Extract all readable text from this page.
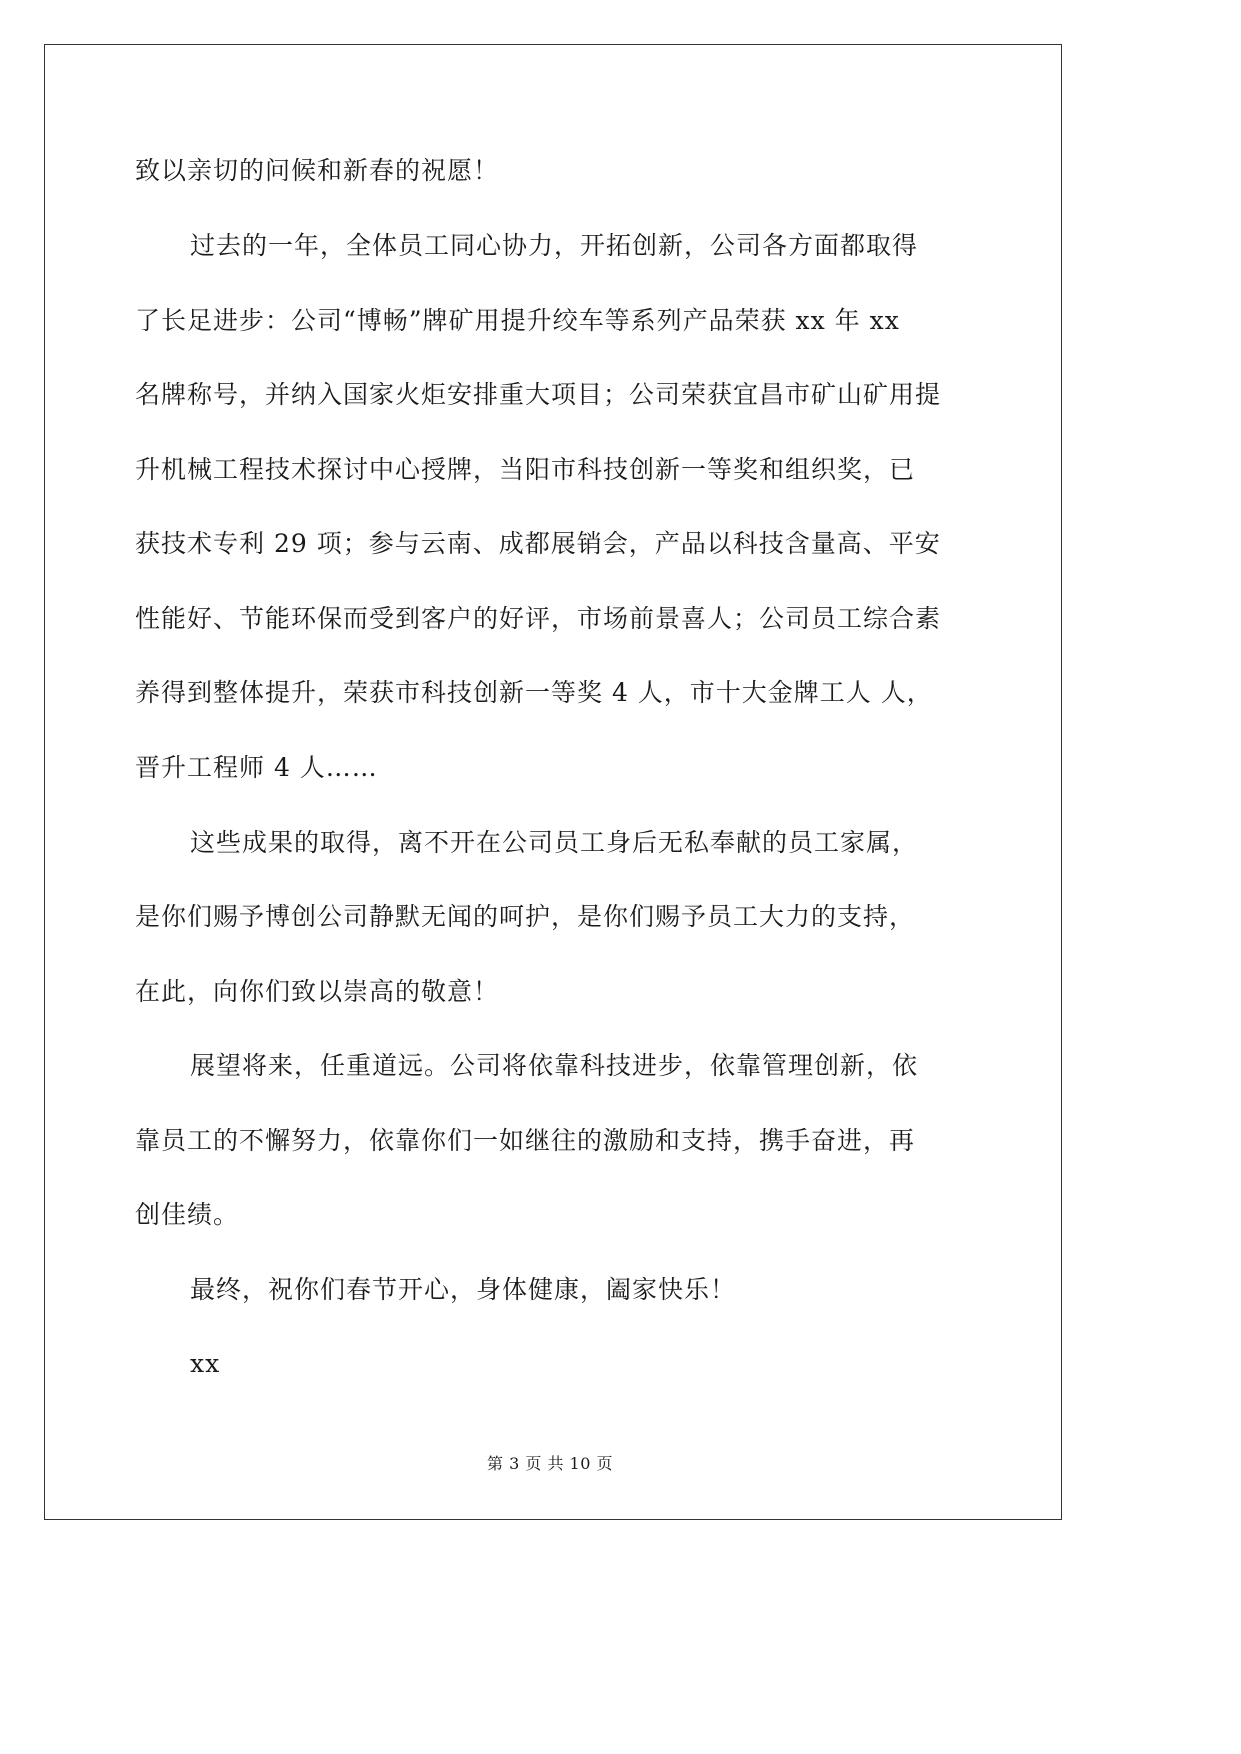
致以亲切的问候和新春的祝愿！
过去的一年，全体员工同心协力，开拓创新，公司各方面都取得
了长足进步：公司“博畅”牌矿用提升绞车等系列产品荣获 xx 年 xx
名牌称号，并纳入国家火炬安排重大项目；公司荣获宜昌市矿山矿用提
升机械工程技术探讨中心授牌，当阳市科技创新一等奖和组织奖，已
获技术专利 29 项；参与云南、成都展销会，产品以科技含量高、平安
性能好、节能环保而受到客户的好评，市场前景喜人；公司员工综合素
养得到整体提升，荣获市科技创新一等奖 4 人，市十大金牌工人 人，
晋升工程师 4 人……
这些成果的取得，离不开在公司员工身后无私奉献的员工家属，
是你们赐予博创公司静默无闻的呵护，是你们赐予员工大力的支持，
在此，向你们致以崇高的敬意！
展望将来，任重道远。公司将依靠科技进步，依靠管理创新，依
靠员工的不懈努力，依靠你们一如继往的激励和支持，携手奋进，再
创佳绩。
最终，祝你们春节开心，身体健康，阖家快乐！
xx
第 3 页 共 10 页
